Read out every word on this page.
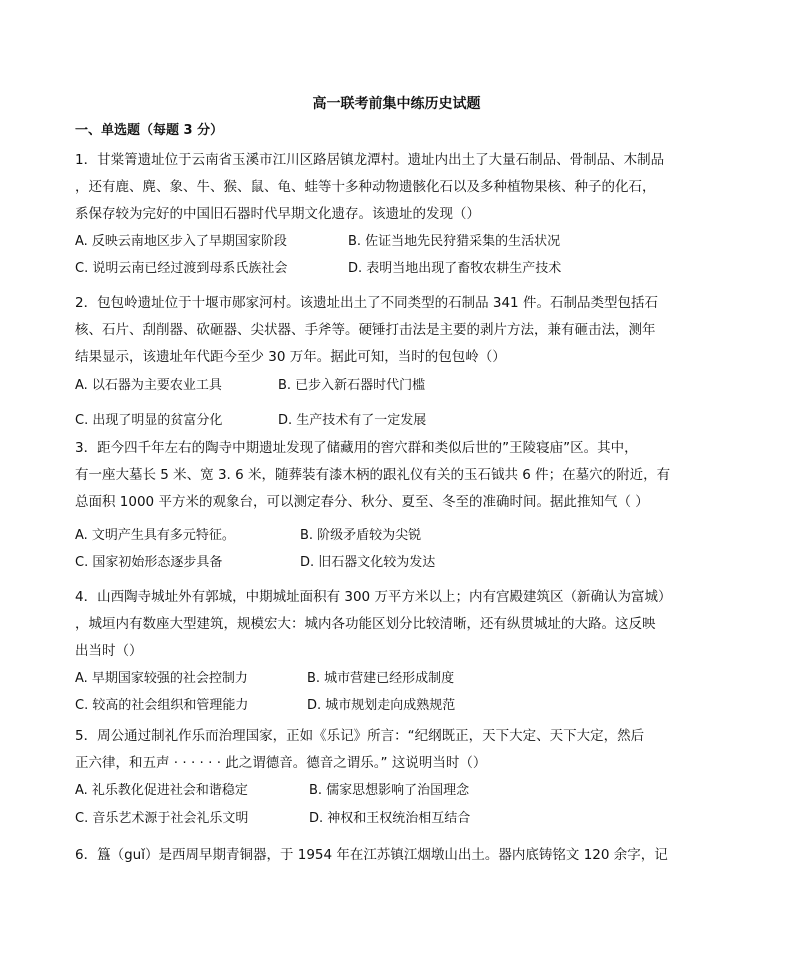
高一联考前集中练历史试题
一、单选题（每题 3 分）
1．甘棠箐遗址位于云南省玉溪市江川区路居镇龙潭村。遗址内出土了大量石制品、骨制品、木制品
，还有鹿、麂、象、牛、猴、鼠、龟、蛙等十多种动物遗骸化石以及多种植物果核、种子的化石，
系保存较为完好的中国旧石器时代早期文化遗存。该遗址的发现（）
A. 反映云南地区步入了早期国家阶段	B. 佐证当地先民狩猎采集的生活状况
C. 说明云南已经过渡到母系氏族社会	D. 表明当地出现了畜牧农耕生产技术
2．包包岭遗址位于十堰市郧家河村。该遗址出土了不同类型的石制品 341 件。石制品类型包括石
核、石片、刮削器、砍砸器、尖状器、手斧等。硬锤打击法是主要的剥片方法，兼有砸击法，测年
结果显示，该遗址年代距今至少 30 万年。据此可知，当时的包包岭（）
A. 以石器为主要农业工具	B. 已步入新石器时代门槛
C. 出现了明显的贫富分化	D. 生产技术有了一定发展
3．距今四千年左右的陶寺中期遗址发现了储藏用的窖穴群和类似后世的”王陵寝庙”区。其中，
有一座大墓长 5 米、宽 3. 6 米，随葬装有漆木柄的跟礼仪有关的玉石钺共 6 件；在墓穴的附近，有
总面积 1000 平方米的观象台，可以测定春分、秋分、夏至、冬至的准确时间。据此推知气（ ）
A. 文明产生具有多元特征。	B. 阶级矛盾较为尖锐
C. 国家初始形态逐步具备	D. 旧石器文化较为发达
4．山西陶寺城址外有郭城，中期城址面积有 300 万平方米以上；内有宫殿建筑区（新确认为富城）
，城垣内有数座大型建筑，规模宏大：城内各功能区划分比较清晰，还有纵贯城址的大路。这反映
出当时（）
A. 早期国家较强的社会控制力	B. 城市营建已经形成制度
C. 较高的社会组织和管理能力	D. 城市规划走向成熟规范
5．周公通过制礼作乐而治理国家，正如《乐记》所言：“纪纲既正，天下大定、天下大定，然后
正六律，和五声 · · · · · · 此之谓德音。德音之谓乐。” 这说明当时（）
A. 礼乐教化促进社会和谐稳定	B. 儒家思想影响了治国理念
C. 音乐艺术源于社会礼乐文明	D. 神权和王权统治相互结合
6．簋（guǐ）是西周早期青铜器，于 1954 年在江苏镇江烟墩山出土。器内底铸铭文 120 余字，记
